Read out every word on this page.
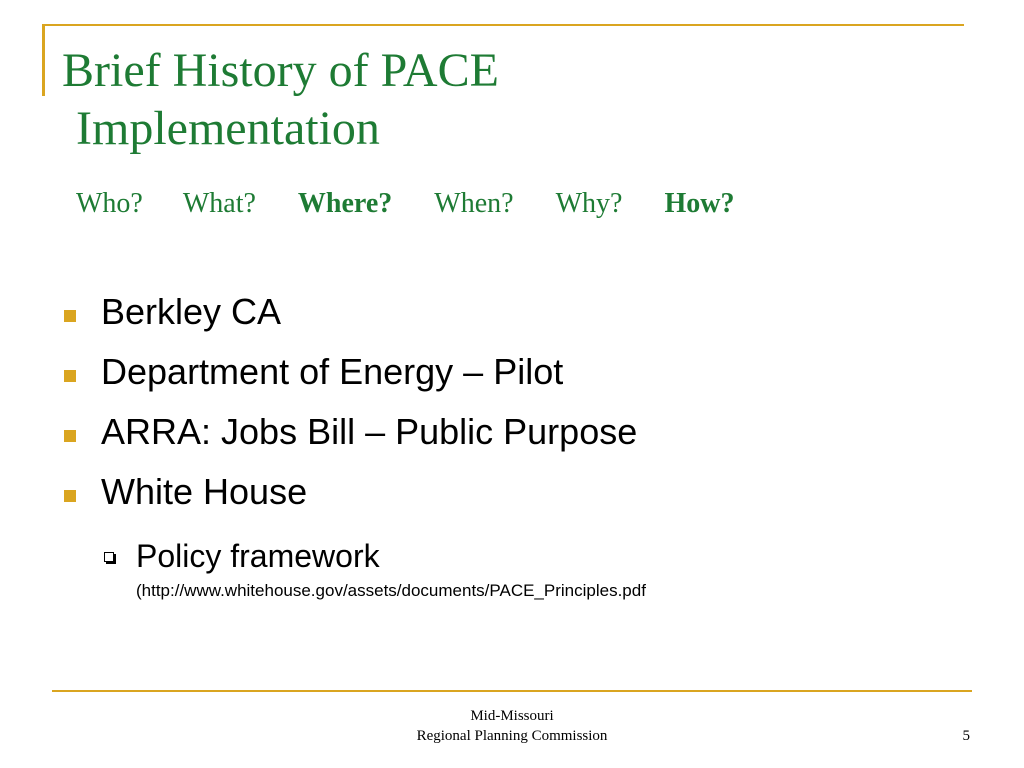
Brief History of PACE
Implementation
Who? What? Where? When? Why? How?
Berkley CA
Department of Energy – Pilot
ARRA: Jobs Bill – Public Purpose
White House
Policy framework
(http://www.whitehouse.gov/assets/documents/PACE_Principles.pdf
Mid-Missouri
Regional Planning Commission	5
